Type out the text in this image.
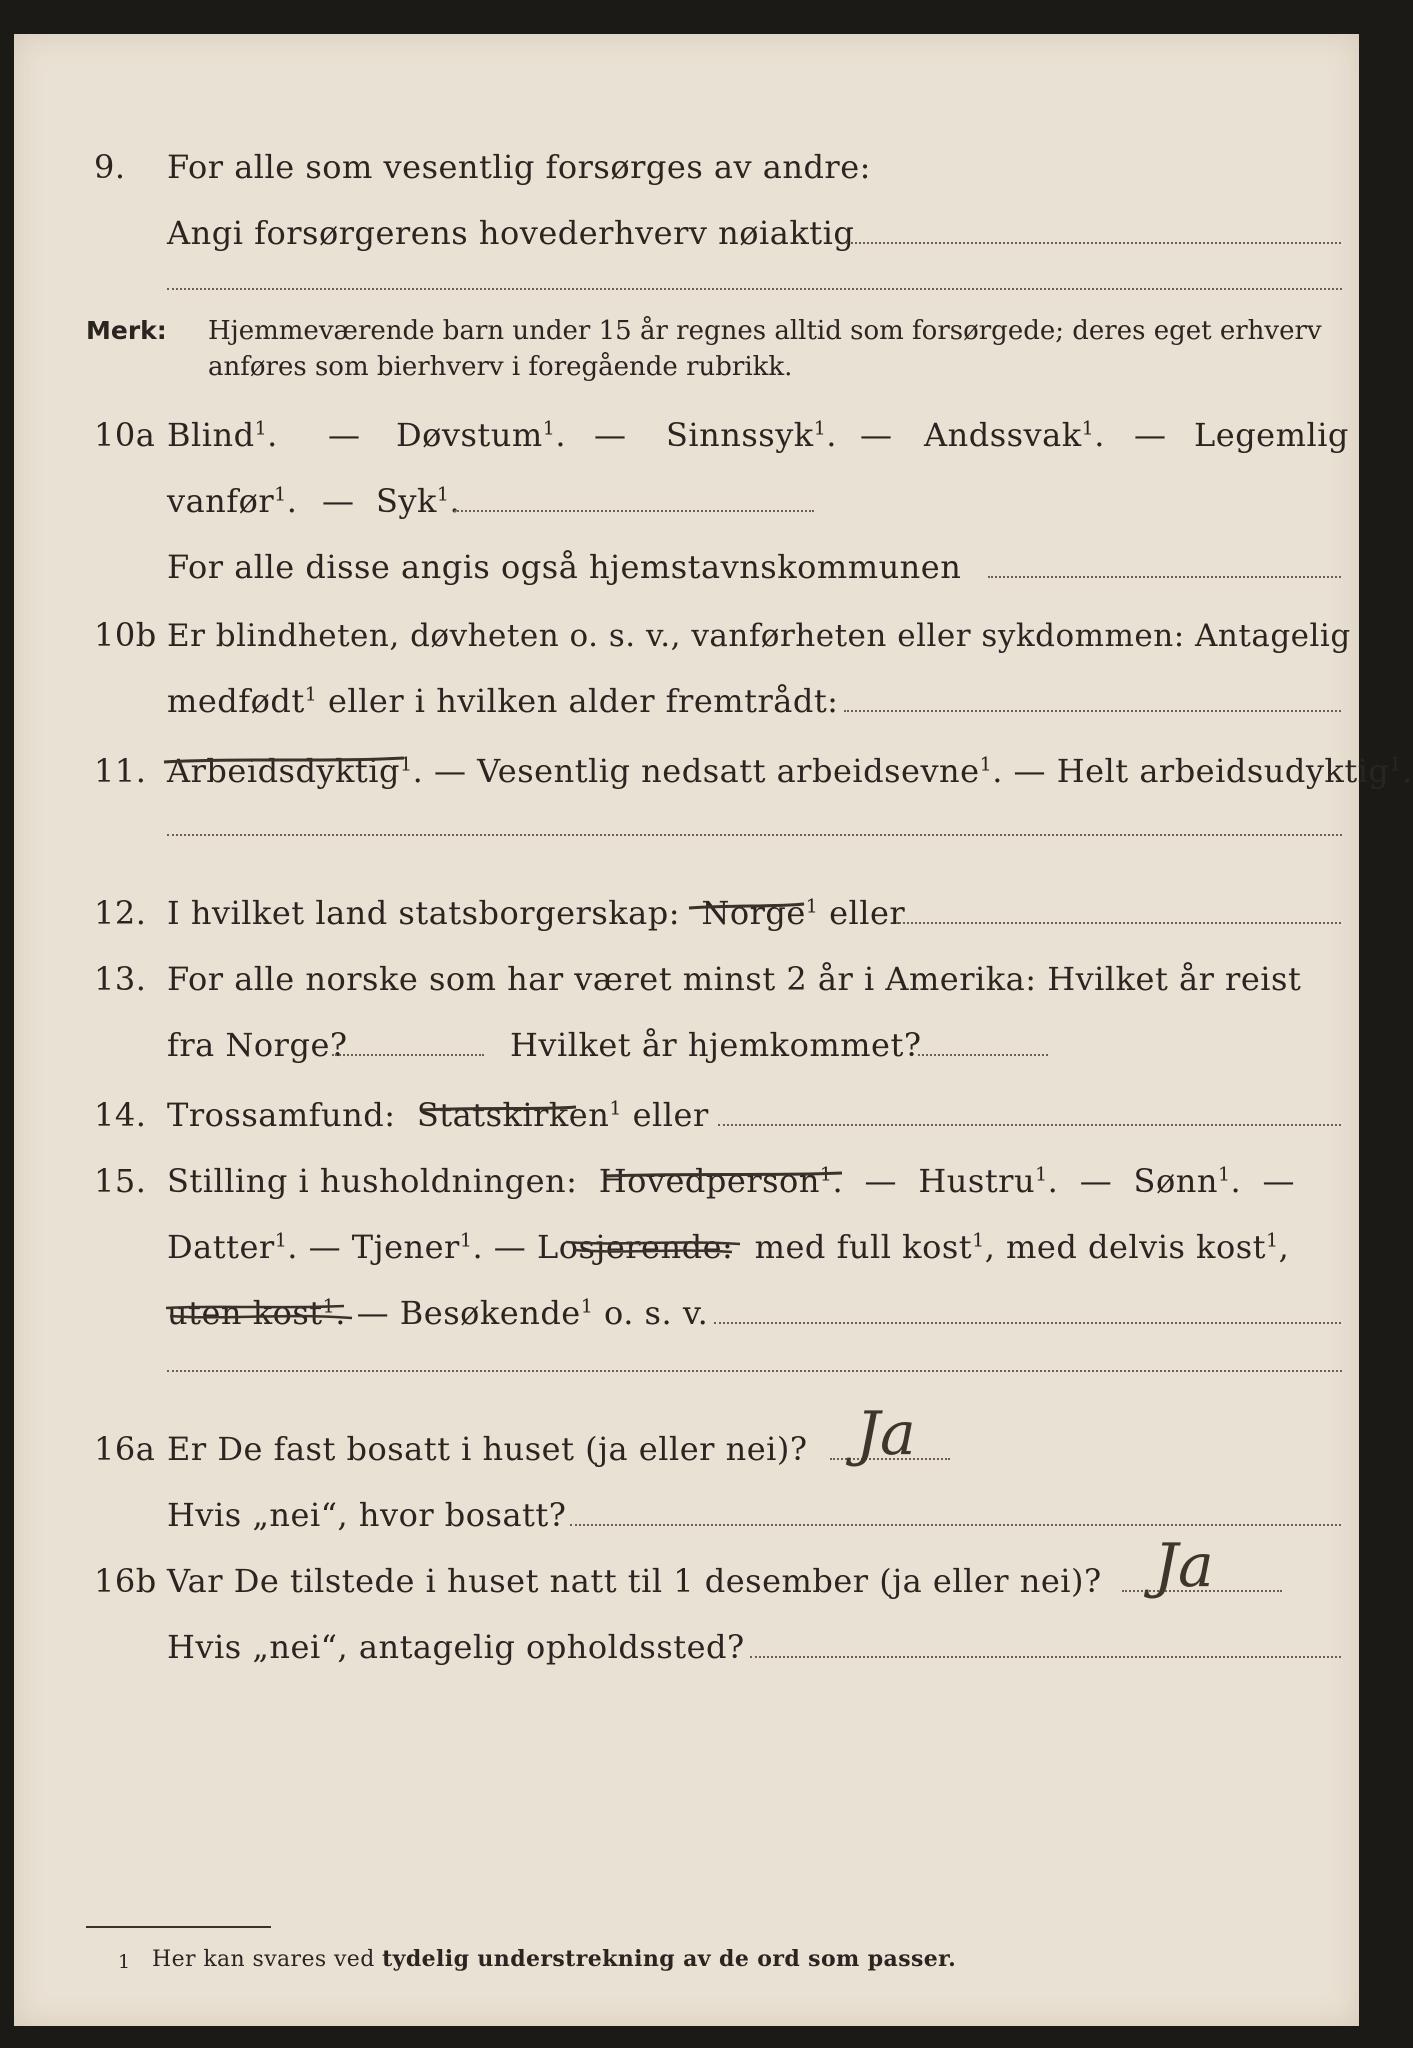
9. For alle som vesentlig forsørges av andre:
Angi forsørgerens hovederhverv nøiaktig
Merk: Hjemmeværende barn under 15 år regnes alltid som forsørgede; deres eget erhverv
anføres som bierhverv i foregående rubrikk.
10a Blind$^1$. — Døvstum$^1$. — Sinnssyk$^1$. — Andssvak$^1$. — Legemlig
vanfør$^1$. — Syk$^1$.
For alle disse angis også hjemstavnskommunen
10b Er blindheten, døvheten o. s. v., vanførheten eller sykdommen: Antagelig
medfødt$^1$ eller i hvilken alder fremtrådt:
11. Arbeidsdyktig$^1$. — Vesentlig nedsatt arbeidsevne$^1$. — Helt arbeidsudyktig$^1$.
12. I hvilket land statsborgerskap: Norge$^1$ eller
13. For alle norske som har været minst 2 år i Amerika: Hvilket år reist
fra Norge?	Hvilket år hjemkommet?
14. Trossamfund: Statskirken$^1$ eller
15. Stilling i husholdningen: Hovedperson$^1$.  —  Hustru$^1$.  —  Sønn$^1$.  —
Datter$^1$. — Tjener$^1$. — Losjerende: med full kost$^1$, med delvis kost$^1$,
uten kost$^1$. — Besøkende$^1$ o. s. v.
16a Er De fast bosatt i huset (ja eller nei)?
Hvis „nei“, hvor bosatt?
16b Var De tilstede i huset natt til 1 desember (ja eller nei)?
Hvis „nei“, antagelig opholdssted?
Ja
Ja
1 Her kan svares ved tydelig understrekning av de ord som passer.
